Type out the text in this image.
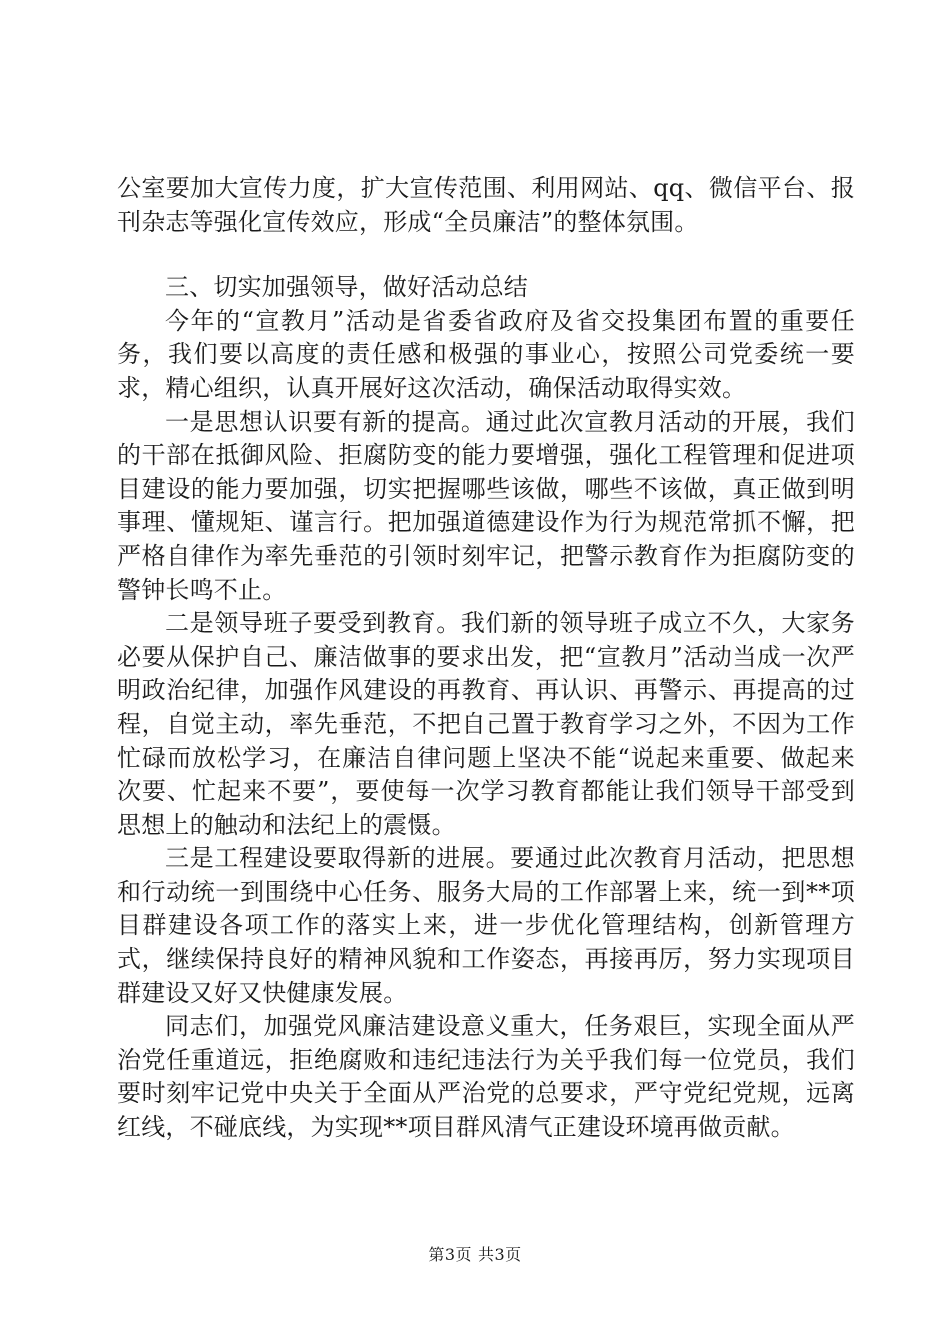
公室要加大宣传力度，扩大宣传范围、利用网站、qq、微信平台、报刊杂志等强化宣传效应，形成“全员廉洁”的整体氛围。

三、切实加强领导，做好活动总结

今年的“宣教月”活动是省委省政府及省交投集团布置的重要任务，我们要以高度的责任感和极强的事业心，按照公司党委统一要求，精心组织，认真开展好这次活动，确保活动取得实效。

一是思想认识要有新的提高。通过此次宣教月活动的开展，我们的干部在抵御风险、拒腐防变的能力要增强，强化工程管理和促进项目建设的能力要加强，切实把握哪些该做，哪些不该做，真正做到明事理、懂规矩、谨言行。把加强道德建设作为行为规范常抓不懈，把严格自律作为率先垂范的引领时刻牢记，把警示教育作为拒腐防变的警钟长鸣不止。

二是领导班子要受到教育。我们新的领导班子成立不久，大家务必要从保护自己、廉洁做事的要求出发，把“宣教月”活动当成一次严明政治纪律，加强作风建设的再教育、再认识、再警示、再提高的过程，自觉主动，率先垂范，不把自己置于教育学习之外，不因为工作忙碌而放松学习，在廉洁自律问题上坚决不能“说起来重要、做起来次要、忙起来不要”，要使每一次学习教育都能让我们领导干部受到思想上的触动和法纪上的震慑。

三是工程建设要取得新的进展。要通过此次教育月活动，把思想和行动统一到围绕中心任务、服务大局的工作部署上来，统一到**项目群建设各项工作的落实上来，进一步优化管理结构，创新管理方式，继续保持良好的精神风貌和工作姿态，再接再厉，努力实现项目群建设又好又快健康发展。

同志们，加强党风廉洁建设意义重大，任务艰巨，实现全面从严治党任重道远，拒绝腐败和违纪违法行为关乎我们每一位党员，我们要时刻牢记党中央关于全面从严治党的总要求，严守党纪党规，远离红线，不碰底线，为实现**项目群风清气正建设环境再做贡献。

第3页 共3页
